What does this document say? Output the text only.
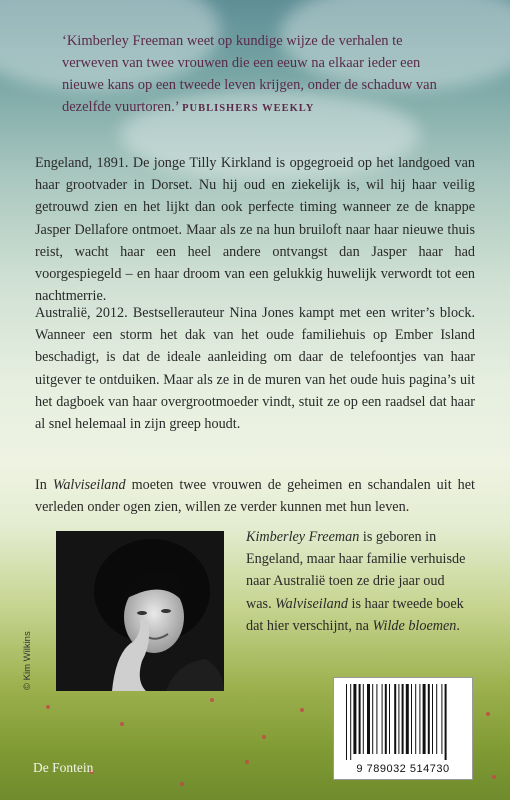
‘Kimberley Freeman weet op kundige wijze de verhalen te verweven van twee vrouwen die een eeuw na elkaar ieder een nieuwe kans op een tweede leven krijgen, onder de schaduw van dezelfde vuurtoren.’ PUBLISHERS WEEKLY
Engeland, 1891. De jonge Tilly Kirkland is opgegroeid op het landgoed van haar grootvader in Dorset. Nu hij oud en ziekelijk is, wil hij haar veilig getrouwd zien en het lijkt dan ook perfecte timing wanneer ze de knappe Jasper Dellafore ontmoet. Maar als ze na hun bruiloft naar haar nieuwe thuis reist, wacht haar een heel andere ontvangst dan Jasper haar had voorgespiegeld – en haar droom van een gelukkig huwelijk verwordt tot een nachtmerrie.
Australië, 2012. Bestsellerauteur Nina Jones kampt met een writer’s block. Wanneer een storm het dak van het oude familiehuis op Ember Island beschadigt, is dat de ideale aanleiding om daar de telefoontjes van haar uitgever te ontduiken. Maar als ze in de muren van het oude huis pagina’s uit het dagboek van haar overgrootmoeder vindt, stuit ze op een raadsel dat haar al snel helemaal in zijn greep houdt.
In Walviseiland moeten twee vrouwen de geheimen en schandalen uit het verleden onder ogen zien, willen ze verder kunnen met hun leven.
© Kim Wilkins
Kimberley Freeman is geboren in Engeland, maar haar familie verhuisde naar Australië toen ze drie jaar oud was. Walviseiland is haar tweede boek dat hier verschijnt, na Wilde bloemen.
De Fontein	9 789032 514730
